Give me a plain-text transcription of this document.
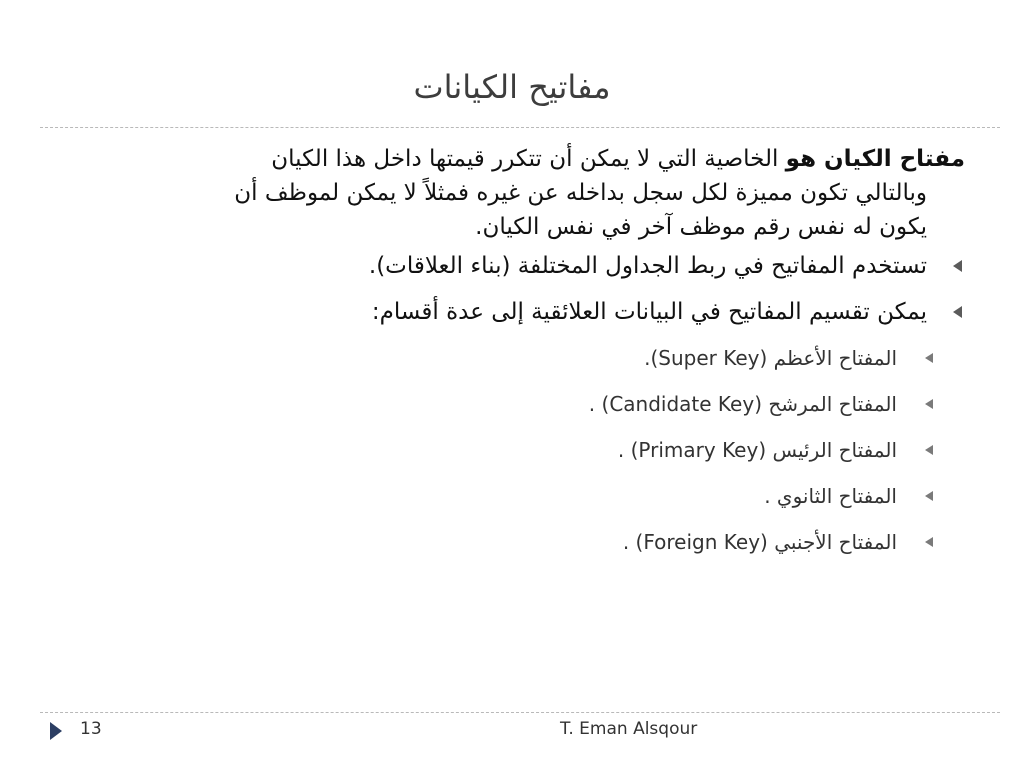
مفاتيح الكيانات

مفتاح الكيان هو الخاصية التي لا يمكن أن تتكرر قيمتها داخل هذا الكيان
وبالتالي تكون مميزة لكل سجل بداخله عن غيره فمثلاً لا يمكن لموظف أن
يكون له نفس رقم موظف آخر في نفس الكيان.

تستخدم المفاتيح في ربط الجداول المختلفة (بناء العلاقات).
يمكن تقسيم المفاتيح في البيانات العلائقية إلى عدة أقسام:
المفتاح الأعظم (Super Key).
المفتاح المرشح (Candidate Key) .
المفتاح الرئيس (Primary Key) .
المفتاح الثانوي .
المفتاح الأجنبي (Foreign Key) .
13	T. Eman Alsqour
